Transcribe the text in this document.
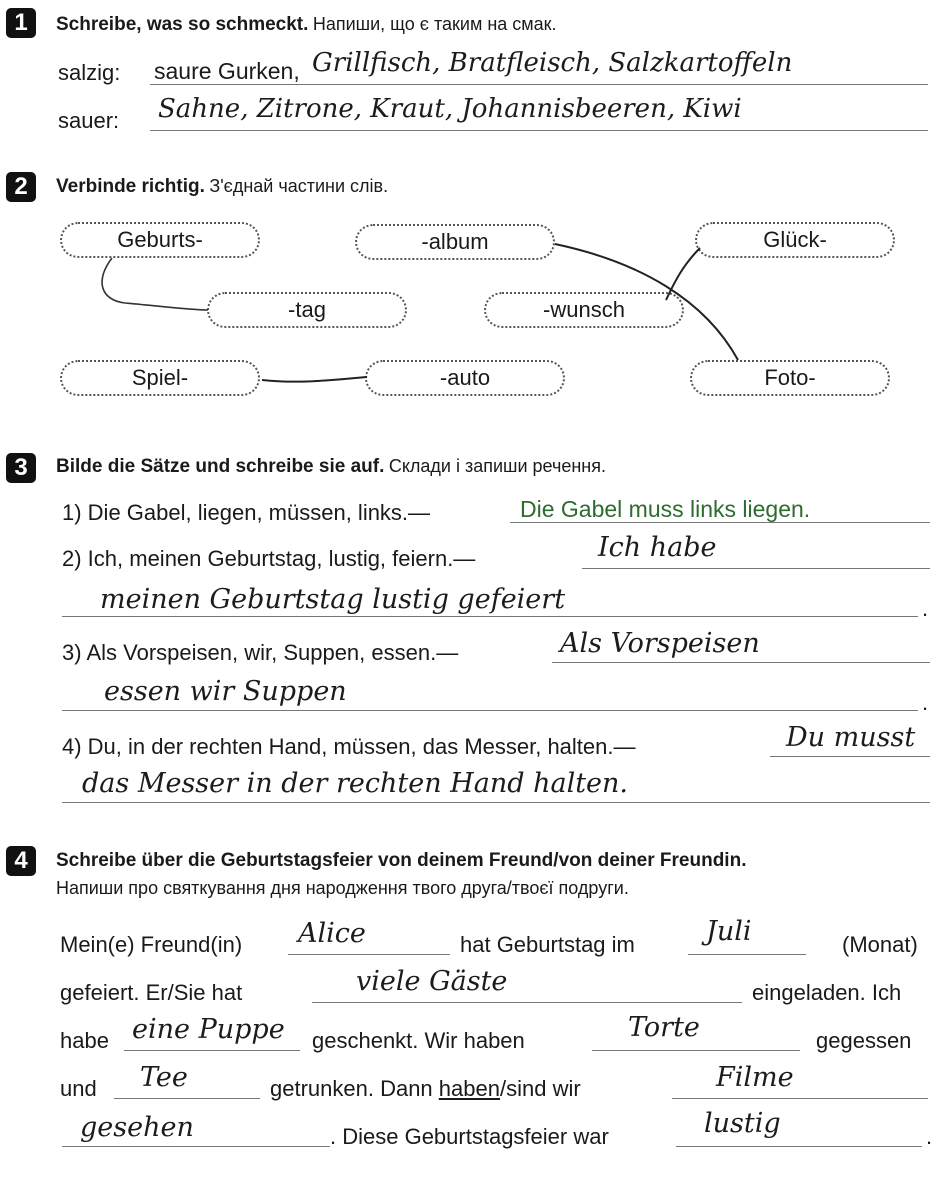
1	Schreibe, was so schmeckt. Напиши, що є таким на смак.
salzig: saure Gurken, Grillfisch, Bratfleisch, Salzkartoffeln
sauer: Sahne, Zitrone, Kraut, Johannisbeeren, Kiwi
2	Verbinde richtig. З'єднай частини слів.
Geburts-	-album	Glück-
-tag	-wunsch
Spiel-	-auto	Foto-
3	Bilde die Sätze und schreibe sie auf. Склади і запиши речення.
1) Die Gabel, liegen, müssen, links.—	Die Gabel muss links liegen.
2) Ich, meinen Geburtstag, lustig, feiern.—	Ich habe
meinen Geburtstag lustig gefeiert	.
3) Als Vorspeisen, wir, Suppen, essen.—	Als Vorspeisen
essen wir Suppen	.
4) Du, in der rechten Hand, müssen, das Messer, halten.—	Du musst
das Messer in der rechten Hand halten.
4	Schreibe über die Geburtstagsfeier von deinem Freund/von deiner Freundin.
Напиши про святкування дня народження твого друга/твоєї подруги.
Mein(e) Freund(in) Alice	hat Geburtstag im	Juli	(Monat)
gefeiert. Er/Sie hat	viele Gäste	eingeladen. Ich
habe eine Puppe geschenkt. Wir haben	Torte	gegessen
und Tee	getrunken. Dann haben/sind wir	Filme
gesehen	. Diese Geburtstagsfeier war	lustig	.
